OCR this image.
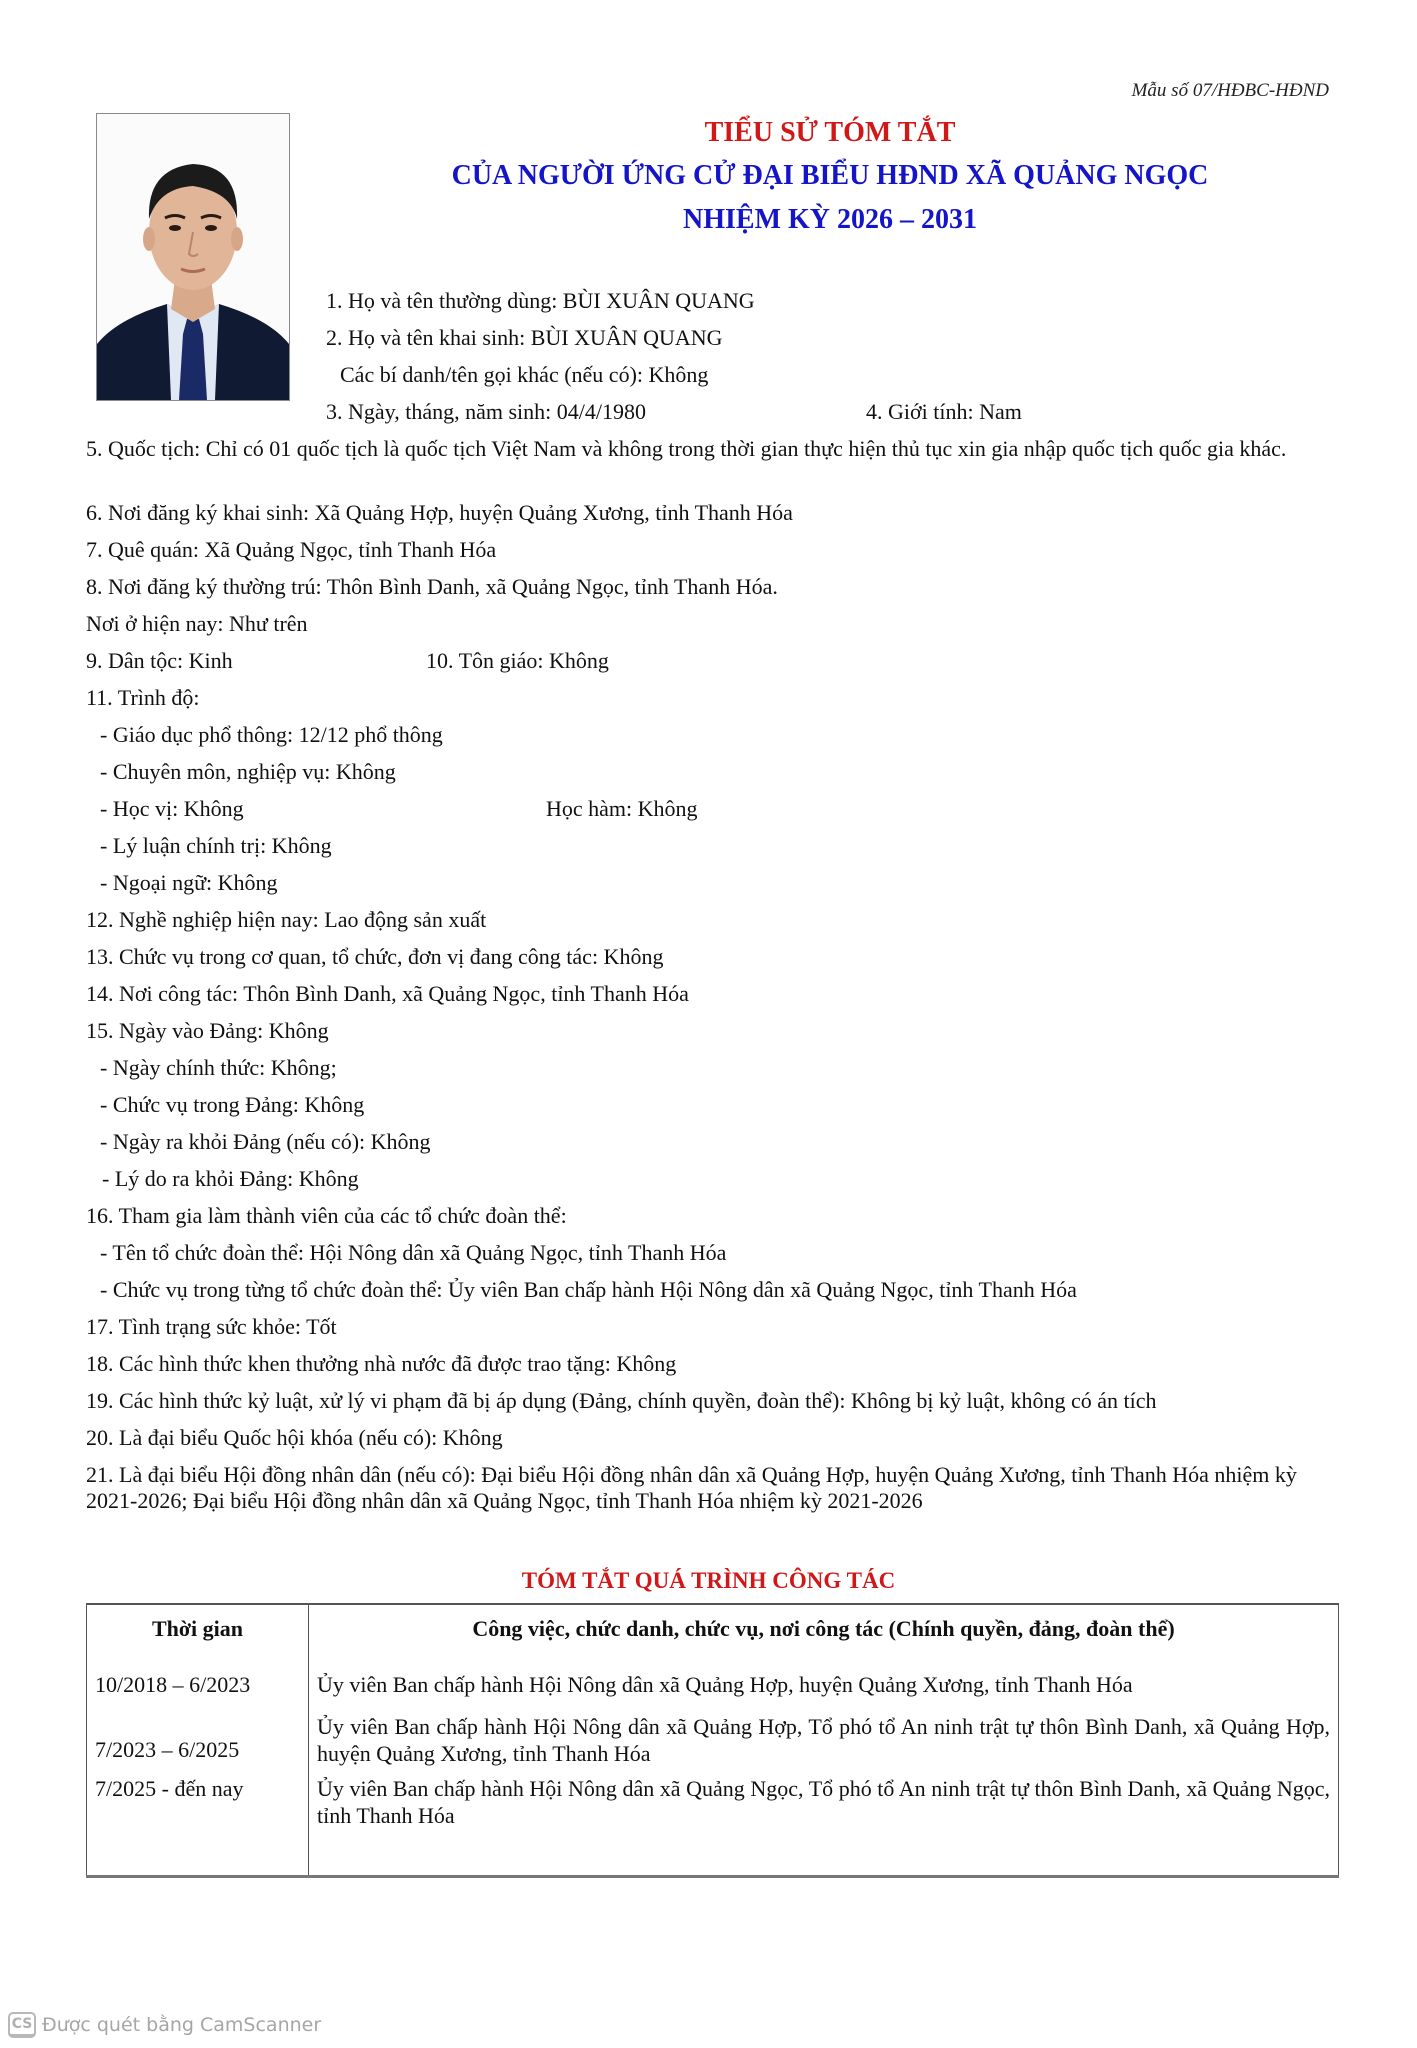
Mẫu số 07/HĐBC-HĐND
TIỂU SỬ TÓM TẮT
CỦA NGƯỜI ỨNG CỬ ĐẠI BIỂU HĐND XÃ QUẢNG NGỌC
NHIỆM KỲ 2026 – 2031
1. Họ và tên thường dùng: BÙI XUÂN QUANG
2. Họ và tên khai sinh: BÙI XUÂN QUANG
Các bí danh/tên gọi khác (nếu có): Không
3. Ngày, tháng, năm sinh: 04/4/1980	4. Giới tính: Nam
5. Quốc tịch: Chỉ có 01 quốc tịch là quốc tịch Việt Nam và không trong thời gian thực hiện thủ tục xin gia nhập quốc tịch quốc gia khác.
6. Nơi đăng ký khai sinh: Xã Quảng Hợp, huyện Quảng Xương, tỉnh Thanh Hóa
7. Quê quán: Xã Quảng Ngọc, tỉnh Thanh Hóa
8. Nơi đăng ký thường trú: Thôn Bình Danh, xã Quảng Ngọc, tỉnh Thanh Hóa.
Nơi ở hiện nay: Như trên
9. Dân tộc: Kinh	10. Tôn giáo: Không
11. Trình độ:
- Giáo dục phổ thông: 12/12 phổ thông
- Chuyên môn, nghiệp vụ: Không
- Học vị: Không	Học hàm: Không
- Lý luận chính trị: Không
- Ngoại ngữ: Không
12. Nghề nghiệp hiện nay: Lao động sản xuất
13. Chức vụ trong cơ quan, tổ chức, đơn vị đang công tác: Không
14. Nơi công tác: Thôn Bình Danh, xã Quảng Ngọc, tỉnh Thanh Hóa
15. Ngày vào Đảng: Không
- Ngày chính thức: Không;
- Chức vụ trong Đảng: Không
- Ngày ra khỏi Đảng (nếu có): Không
- Lý do ra khỏi Đảng: Không
16. Tham gia làm thành viên của các tổ chức đoàn thể:
- Tên tổ chức đoàn thể: Hội Nông dân xã Quảng Ngọc, tỉnh Thanh Hóa
- Chức vụ trong từng tổ chức đoàn thể: Ủy viên Ban chấp hành Hội Nông dân xã Quảng Ngọc, tỉnh Thanh Hóa
17. Tình trạng sức khỏe: Tốt
18. Các hình thức khen thưởng nhà nước đã được trao tặng: Không
19. Các hình thức kỷ luật, xử lý vi phạm đã bị áp dụng (Đảng, chính quyền, đoàn thể): Không bị kỷ luật, không có án tích
20. Là đại biểu Quốc hội khóa (nếu có): Không
21. Là đại biểu Hội đồng nhân dân (nếu có): Đại biểu Hội đồng nhân dân xã Quảng Hợp, huyện Quảng Xương, tỉnh Thanh Hóa nhiệm kỳ 2021-2026; Đại biểu Hội đồng nhân dân xã Quảng Ngọc, tỉnh Thanh Hóa nhiệm kỳ 2021-2026
TÓM TẮT QUÁ TRÌNH CÔNG TÁC
Thời gian	Công việc, chức danh, chức vụ, nơi công tác (Chính quyền, đảng, đoàn thể)
10/2018 – 6/2023	Ủy viên Ban chấp hành Hội Nông dân xã Quảng Hợp, huyện Quảng Xương, tỉnh Thanh Hóa
7/2023 – 6/2025	Ủy viên Ban chấp hành Hội Nông dân xã Quảng Hợp, Tổ phó tổ An ninh trật tự thôn Bình Danh, xã Quảng Hợp, huyện Quảng Xương, tỉnh Thanh Hóa
7/2025 - đến nay	Ủy viên Ban chấp hành Hội Nông dân xã Quảng Ngọc, Tổ phó tổ An ninh trật tự thôn Bình Danh, xã Quảng Ngọc, tỉnh Thanh Hóa
CS Được quét bằng CamScanner
